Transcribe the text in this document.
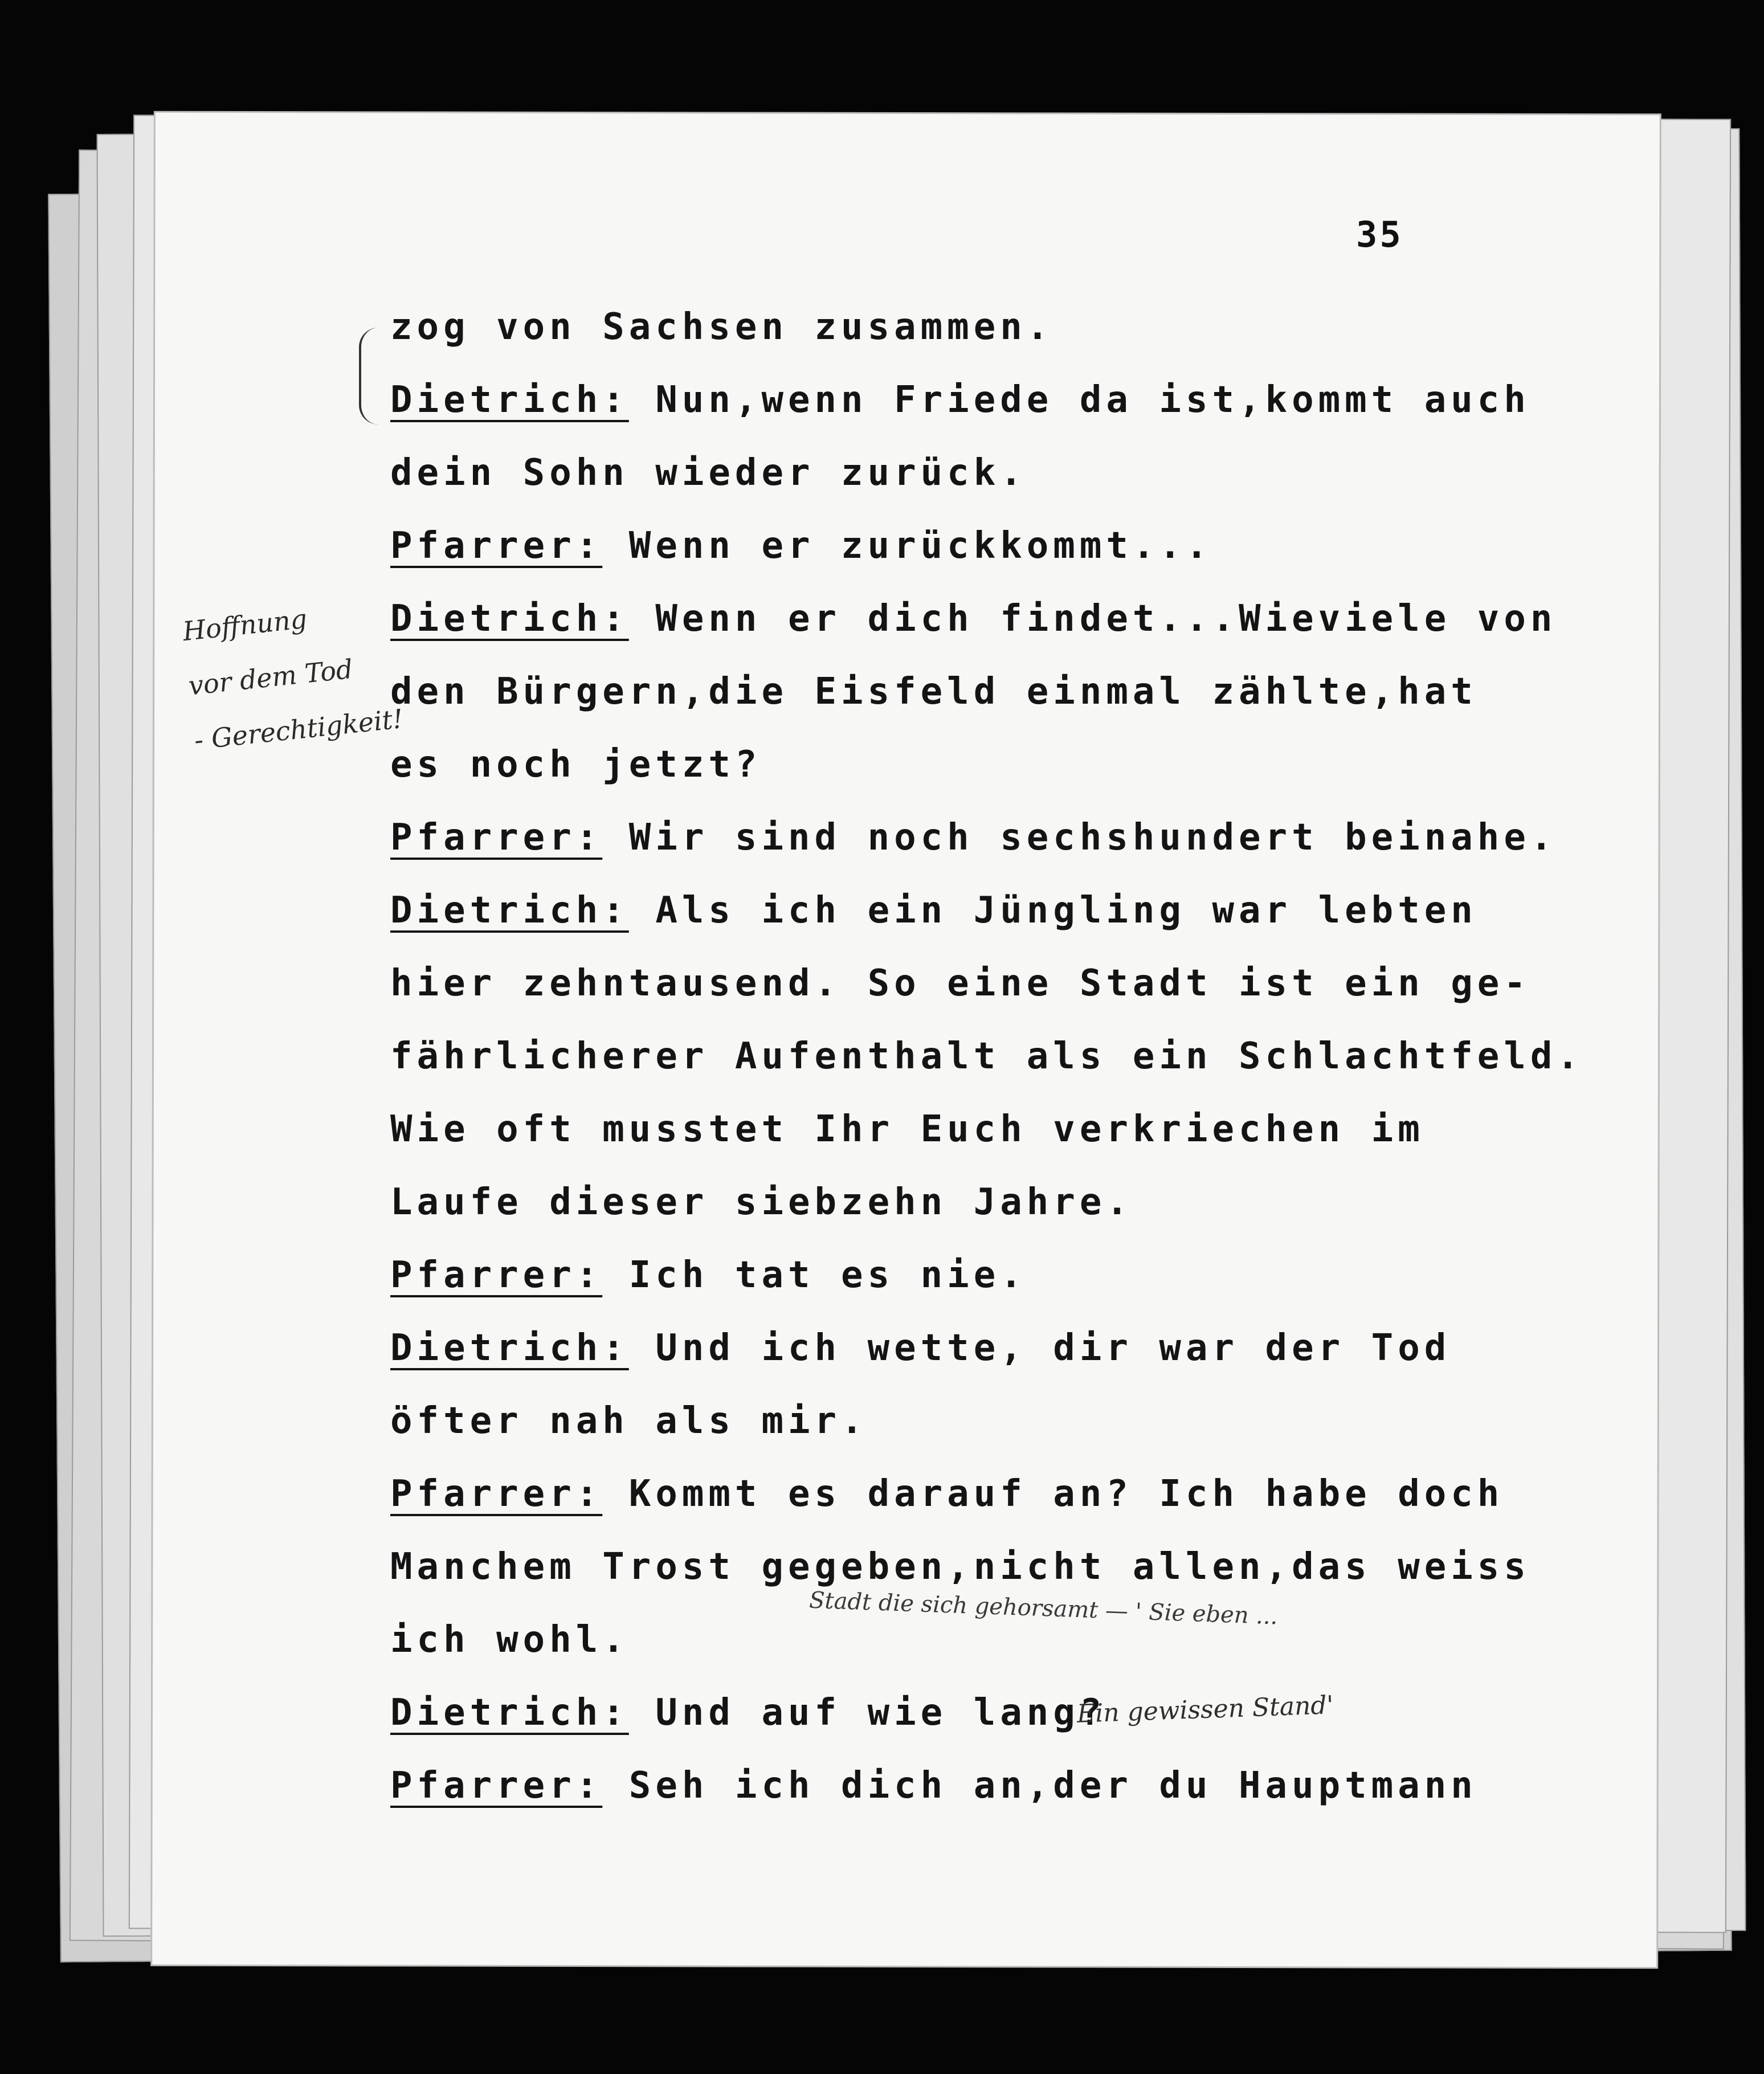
35
zog von Sachsen zusammen.
Dietrich: Nun,wenn Friede da ist,kommt auch
dein Sohn wieder zurück.
Pfarrer: Wenn er zurückkommt...
Dietrich: Wenn er dich findet...Wieviele von
den Bürgern,die Eisfeld einmal zählte,hat
es noch jetzt?
Pfarrer: Wir sind noch sechshundert beinahe.
Dietrich: Als ich ein Jüngling war lebten
hier zehntausend. So eine Stadt ist ein ge-
fährlicherer Aufenthalt als ein Schlachtfeld.
Wie oft musstet Ihr Euch verkriechen im
Laufe dieser siebzehn Jahre.
Pfarrer: Ich tat es nie.
Dietrich: Und ich wette, dir war der Tod
öfter nah als mir.
Pfarrer: Kommt es darauf an? Ich habe doch
Manchem Trost gegeben,nicht allen,das weiss
ich wohl.
Dietrich: Und auf wie lang?
Pfarrer: Seh ich dich an,der du Hauptmann
Hoffnung
vor dem Tod
- Gerechtigkeit!
Stadt die sich gehorsamt — ' Sie eben ...
Ein gewissen Stand'
